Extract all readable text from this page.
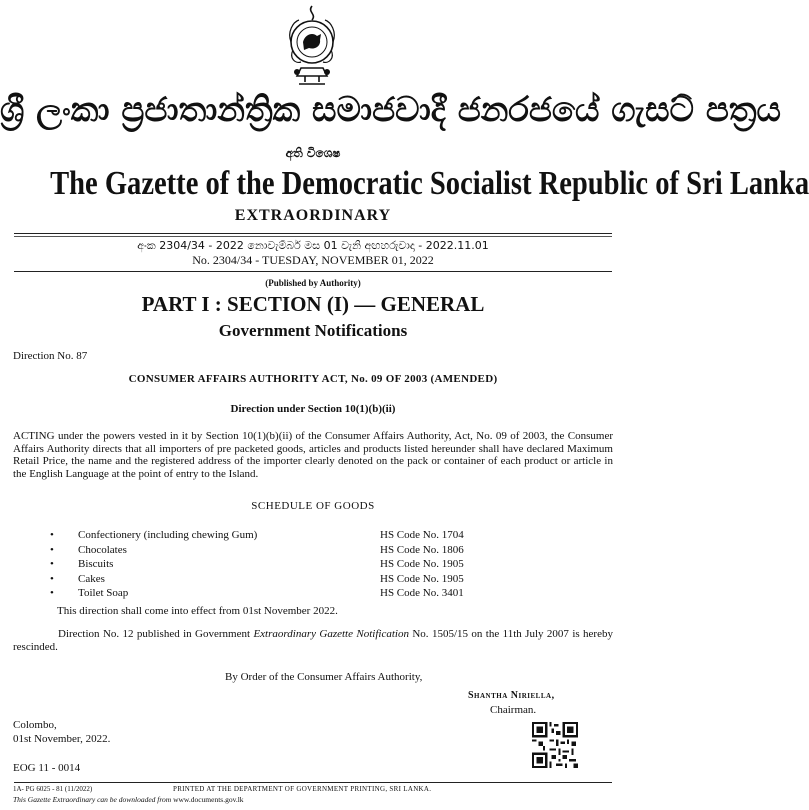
ශ්‍රී ලංකා ප්‍රජාතාන්ත්‍රික සමාජවාදී ජනරජයේ ගැසට් පත්‍රය
අති විශෙෂ
The Gazette of the Democratic Socialist Republic of Sri Lanka
EXTRAORDINARY
අංක 2304/34 - 2022 නොවැම්බර් මස 01 වැනි අඟහරුවාදා - 2022.11.01
No. 2304/34 - TUESDAY, NOVEMBER 01, 2022
(Published by Authority)
PART I : SECTION (I) — GENERAL
Government Notifications
Direction No. 87
CONSUMER AFFAIRS AUTHORITY ACT, No. 09 OF 2003 (AMENDED)
Direction under Section 10(1)(b)(ii)
ACTING under the powers vested in it by Section 10(1)(b)(ii) of the Consumer Affairs Authority, Act, No. 09 of 2003, the Consumer Affairs Authority directs that all importers of pre packeted goods, articles and products listed hereunder shall have declared Maximum Retail Price, the name and the registered address of the importer clearly denoted on the pack or container of each product or article in the English Language at the point of entry to the Island.
SCHEDULE OF GOODS
• Confectionery (including chewing Gum)	HS Code No. 1704
• Chocolates	HS Code No. 1806
• Biscuits	HS Code No. 1905
• Cakes	HS Code No. 1905
• Toilet Soap	HS Code No. 3401
This direction shall come into effect from 01st November 2022.
Direction No. 12 published in Government Extraordinary Gazette Notification No. 1505/15 on the 11th July 2007 is hereby rescinded.
By Order of the Consumer Affairs Authority,
Shantha Niriella,
Chairman.
Colombo,
01st November, 2022.
EOG 11 - 0014
1A- PG 6025 - 81 (11/2022)	PRINTED AT THE DEPARTMENT OF GOVERNMENT PRINTING, SRI LANKA.
This Gazette Extraordinary can be downloaded from www.documents.gov.lk
